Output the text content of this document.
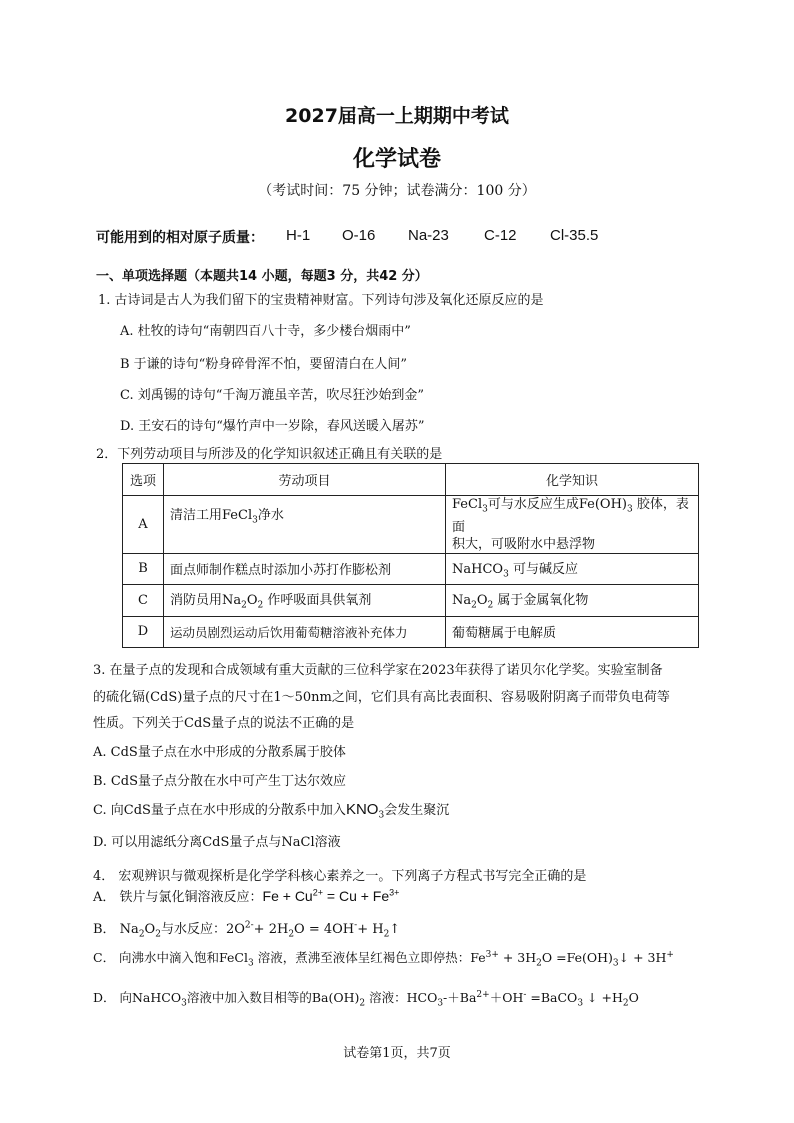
2027届高一上期期中考试
化学试卷
（考试时间：75 分钟；试卷满分：100 分）
可能用到的相对原子质量： H-1 O-16 Na-23 C-12 Cl-35.5
一、单项选择题（本题共14 小题，每题3 分，共42 分）
1. 古诗词是古人为我们留下的宝贵精神财富。下列诗句涉及氧化还原反应的是
A. 杜牧的诗句“南朝四百八十寺，多少楼台烟雨中”
B 于谦的诗句“粉身碎骨浑不怕，要留清白在人间”
C. 刘禹锡的诗句“千淘万漉虽辛苦，吹尽狂沙始到金”
D. 王安石的诗句“爆竹声中一岁除，春风送暖入屠苏”
2．下列劳动项目与所涉及的化学知识叙述正确且有关联的是
选项	劳动项目	化学知识
A	清洁工用FeCl$_3$净水	FeCl$_3$可与水反应生成$Fe(OH)_3$ 胶体，表面
积大，可吸附水中悬浮物
B	面点师制作糕点时添加小苏打作膨松剂	NaHCO$_3$ 可与碱反应
C	消防员用$Na_2O_2$ 作呼吸面具供氧剂	$Na_2O_2$ 属于金属氧化物
D	运动员剧烈运动后饮用葡萄糖溶液补充体力	葡萄糖属于电解质
3. 在量子点的发现和合成领域有重大贡献的三位科学家在2023年获得了诺贝尔化学奖。实验室制备
的硫化镉(CdS)量子点的尺寸在1～50nm之间，它们具有高比表面积、容易吸附阴离子而带负电荷等
性质。下列关于CdS量子点的说法不正确的是
A. CdS量子点在水中形成的分散系属于胶体
B. CdS量子点分散在水中可产生丁达尔效应
C. 向CdS量子点在水中形成的分散系中加入$KNO_3$会发生聚沉
D. 可以用滤纸分离CdS量子点与NaCl溶液
4． 宏观辨识与微观探析是化学学科核心素养之一。下列离子方程式书写完全正确的是
A． 铁片与氯化铜溶液反应：$Fe + Cu^{2+} = Cu + Fe^{3+}$
B． $Na_2O_2$与水反应：$2O^{2-}+ 2H_2O = 4OH^-+$ $H_2↑$
C． 向沸水中滴入饱和FeCl$_3$ 溶液，煮沸至液体呈红褐色立即停热：$Fe^{3+} + 3H_2O$ $=Fe(OH)_3↓ + 3H^+$
D． 向NaHCO$_3$溶液中加入数目相等的$Ba(OH)_2$ 溶液：$HCO_3-+Ba^{2+}+OH^-$ =BaCO$_3$ ↓ $+H_2O$
试卷第1页，共7页
